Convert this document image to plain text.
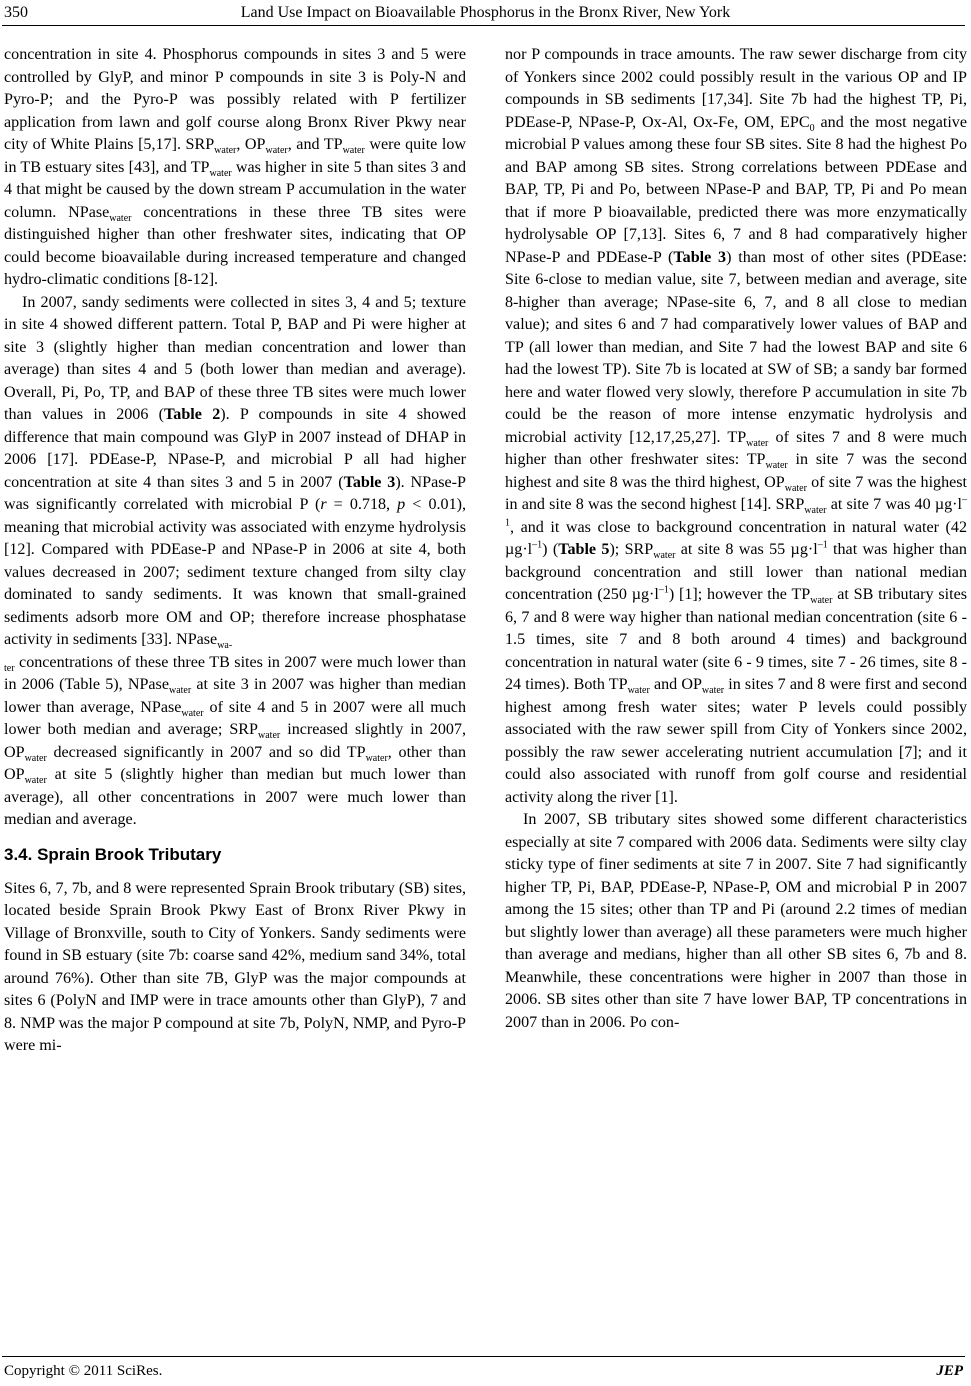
350	Land Use Impact on Bioavailable Phosphorus in the Bronx River, New York

concentration in site 4. Phosphorus compounds in sites 3 and 5 were controlled by GlyP, and minor P compounds in site 3 is Poly-N and Pyro-P; and the Pyro-P was possibly related with P fertilizer application from lawn and golf course along Bronx River Pkwy near city of White Plains [5,17]. $SRP_{water}$, $OP_{water}$, and $TP_{water}$ were quite low in TB estuary sites [43], and $TP_{water}$ was higher in site 5 than sites 3 and 4 that might be caused by the down stream P accumulation in the water column. NPase$_{water}$ concentrations in these three TB sites were distinguished higher than other freshwater sites, indicating that OP could become bioavailable during increased temperature and changed hydro-climatic conditions [8-12].

In 2007, sandy sediments were collected in sites 3, 4 and 5; texture in site 4 showed different pattern. Total P, BAP and Pi were higher at site 3 (slightly higher than median concentration and lower than average) than sites 4 and 5 (both lower than median and average). Overall, Pi, Po, TP, and BAP of these three TB sites were much lower than values in 2006 (Table 2). P compounds in site 4 showed difference that main compound was GlyP in 2007 instead of DHAP in 2006 [17]. PDEase-P, NPase-P, and microbial P all had higher concentration at site 4 than sites 3 and 5 in 2007 (Table 3). NPase-P was significantly correlated with microbial P (r = 0.718, p < 0.01), meaning that microbial activity was associated with enzyme hydrolysis [12]. Compared with PDEase-P and NPase-P in 2006 at site 4, both values decreased in 2007; sediment texture changed from silty clay dominated to sandy sediments. It was known that small-grained sediments adsorb more OM and OP; therefore increase phosphatase activity in sediments [33]. NPase$_{wa-}$
$_{ter}$ concentrations of these three TB sites in 2007 were much lower than in 2006 (Table 5), NPase$_{water}$ at site 3 in 2007 was higher than median lower than average, NPase$_{water}$ of site 4 and 5 in 2007 were all much lower both median and average; $SRP_{water}$ increased slightly in 2007, $OP_{water}$ decreased significantly in 2007 and so did $TP_{water}$, other than $OP_{water}$ at site 5 (slightly higher than median but much lower than average), all other concentrations in 2007 were much lower than median and average.

3.4. Sprain Brook Tributary

Sites 6, 7, 7b, and 8 were represented Sprain Brook tributary (SB) sites, located beside Sprain Brook Pkwy East of Bronx River Pkwy in Village of Bronxville, south to City of Yonkers. Sandy sediments were found in SB estuary (site 7b: coarse sand 42%, medium sand 34%, total around 76%). Other than site 7B, GlyP was the major compounds at sites 6 (PolyN and IMP were in trace amounts other than GlyP), 7 and 8. NMP was the major P compound at site 7b, PolyN, NMP, and Pyro-P were mi-

nor P compounds in trace amounts. The raw sewer discharge from city of Yonkers since 2002 could possibly result in the various OP and IP compounds in SB sediments [17,34]. Site 7b had the highest TP, Pi, PDEase-P, NPase-P, Ox-Al, Ox-Fe, OM, $EPC_0$ and the most negative microbial P values among these four SB sites. Site 8 had the highest Po and BAP among SB sites. Strong correlations between PDEase and BAP, TP, Pi and Po, between NPase-P and BAP, TP, Pi and Po mean that if more P bioavailable, predicted there was more enzymatically hydrolysable OP [7,13]. Sites 6, 7 and 8 had comparatively higher NPase-P and PDEase-P (Table 3) than most of other sites (PDEase: Site 6-close to median value, site 7, between median and average, site 8-higher than average; NPase-site 6, 7, and 8 all close to median value); and sites 6 and 7 had comparatively lower values of BAP and TP (all lower than median, and Site 7 had the lowest BAP and site 6 had the lowest TP). Site 7b is located at SW of SB; a sandy bar formed here and water flowed very slowly, therefore P accumulation in site 7b could be the reason of more intense enzymatic hydrolysis and microbial activity [12,17,25,27]. $TP_{water}$ of sites 7 and 8 were much higher than other freshwater sites: $TP_{water}$ in site 7 was the second highest and site 8 was the third highest, $OP_{water}$ of site 7 was the highest in and site 8 was the second highest [14]. $SRP_{water}$ at site 7 was 40 $\mu g\cdot l^{-1}$, and it was close to background concentration in natural water (42 $\mu g\cdot l^{-1}$) (Table 5); $SRP_{water}$ at site 8 was 55 $\mu g\cdot l^{-1}$ that was higher than background concentration and still lower than national median concentration (250 $\mu g\cdot l^{-1}$) [1]; however the $TP_{water}$ at SB tributary sites 6, 7 and 8 were way higher than national median concentration (site 6 - 1.5 times, site 7 and 8 both around 4 times) and background concentration in natural water (site 6 - 9 times, site 7 - 26 times, site 8 - 24 times). Both $TP_{water}$ and $OP_{water}$ in sites 7 and 8 were first and second highest among fresh water sites; water P levels could possibly associated with the raw sewer spill from City of Yonkers since 2002, possibly the raw sewer accelerating nutrient accumulation [7]; and it could also associated with runoff from golf course and residential activity along the river [1].

In 2007, SB tributary sites showed some different characteristics especially at site 7 compared with 2006 data. Sediments were silty clay sticky type of finer sediments at site 7 in 2007. Site 7 had significantly higher TP, Pi, BAP, PDEase-P, NPase-P, OM and microbial P in 2007 among the 15 sites; other than TP and Pi (around 2.2 times of median but slightly lower than average) all these parameters were much higher than average and medians, higher than all other SB sites 6, 7b and 8. Meanwhile, these concentrations were higher in 2007 than those in 2006. SB sites other than site 7 have lower BAP, TP concentrations in 2007 than in 2006. Po con-

Copyright © 2011 SciRes.	JEP
